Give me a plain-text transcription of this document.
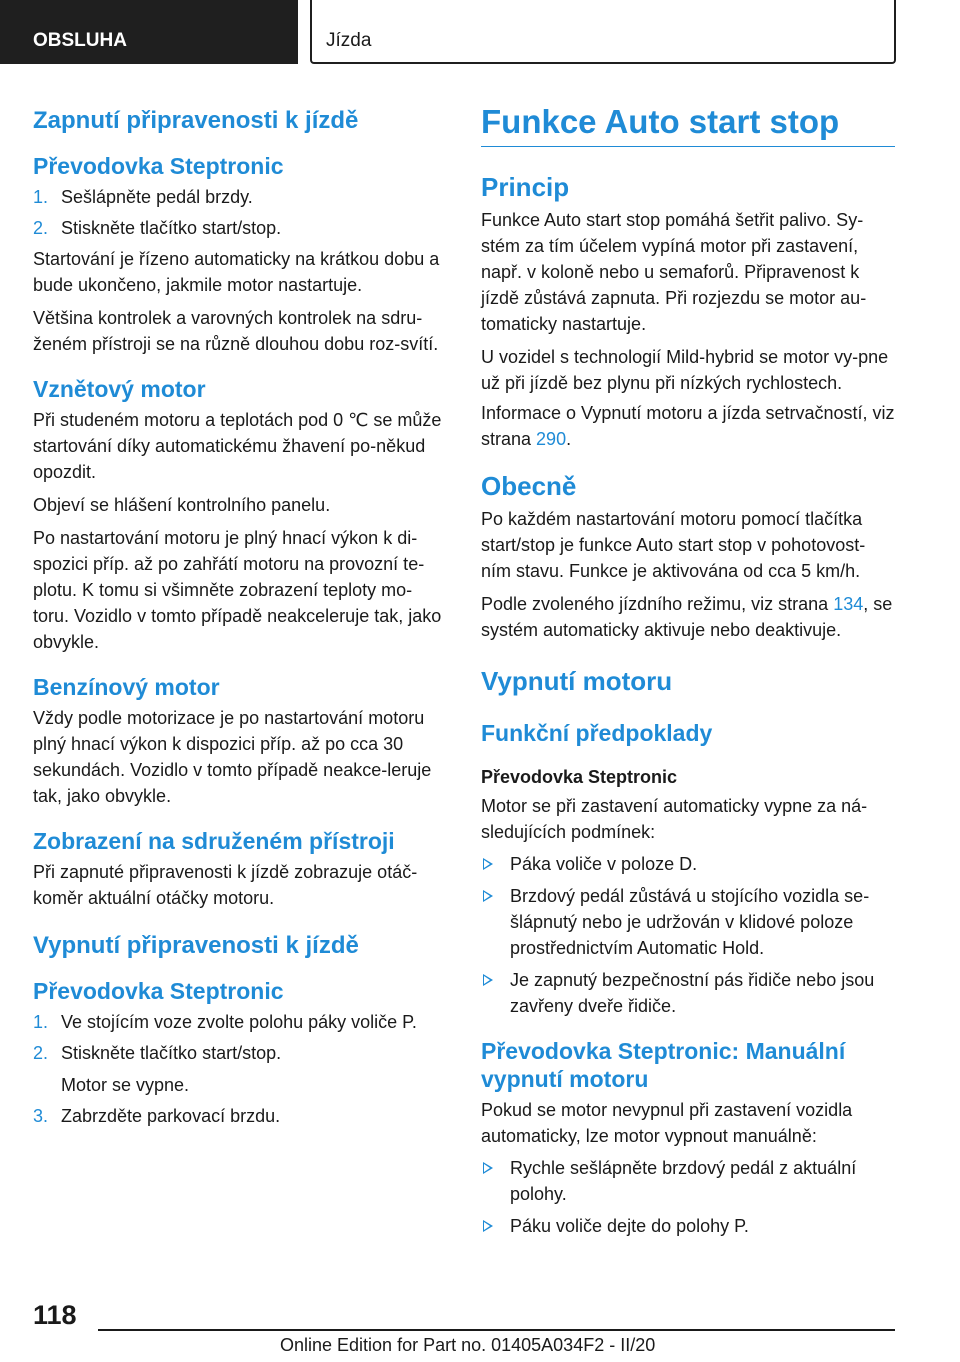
OBSLUHA	Jízda
Zapnutí připravenosti k jízdě
Převodovka Steptronic
1. Sešlápněte pedál brzdy.
2. Stiskněte tlačítko start/stop.

Startování je řízeno automaticky na krátkou dobu a bude ukončeno, jakmile motor nastartuje.

Většina kontrolek a varovných kontrolek na sdru-ženém přístroji se na různě dlouhou dobu roz-svítí.

Vznětový motor

Při studeném motoru a teplotách pod 0 ℃ se může startování díky automatickému žhavení po-někud opozdit.

Objeví se hlášení kontrolního panelu.

Po nastartování motoru je plný hnací výkon k di-spozici příp. až po zahřátí motoru na provozní te-plotu. K tomu si všimněte zobrazení teploty mo-toru. Vozidlo v tomto případě neakceleruje tak, jako obvykle.

Benzínový motor

Vždy podle motorizace je po nastartování motoru plný hnací výkon k dispozici příp. až po cca 30 sekundách. Vozidlo v tomto případě neakce-leruje tak, jako obvykle.

Zobrazení na sdruženém přístroji

Při zapnuté připravenosti k jízdě zobrazuje otáč-koměr aktuální otáčky motoru.

Vypnutí připravenosti k jízdě
Převodovka Steptronic
1. Ve stojícím voze zvolte polohu páky voliče P.
2. Stiskněte tlačítko start/stop.
Motor se vypne.
3. Zabrzděte parkovací brzdu.
Funkce Auto start stop
Princip

Funkce Auto start stop pomáhá šetřit palivo. Sy-stém za tím účelem vypíná motor při zastavení, např. v koloně nebo u semaforů. Připravenost k jízdě zůstává zapnuta. Při rozjezdu se motor au-tomaticky nastartuje.

U vozidel s technologií Mild-hybrid se motor vy-pne už při jízdě bez plynu při nízkých rychlostech.

Informace o Vypnutí motoru a jízda setrvačností, viz strana 290.

Obecně

Po každém nastartování motoru pomocí tlačítka start/stop je funkce Auto start stop v pohotovost-ním stavu. Funkce je aktivována od cca 5 km/h.

Podle zvoleného jízdního režimu, viz strana 134, se systém automaticky aktivuje nebo deaktivuje.

Vypnutí motoru
Funkční předpoklady
Převodovka Steptronic

Motor se při zastavení automaticky vypne za ná-sledujících podmínek:

Páka voliče v poloze D.
Brzdový pedál zůstává u stojícího vozidla se-šlápnutý nebo je udržován v klidové poloze prostřednictvím Automatic Hold.
Je zapnutý bezpečnostní pás řidiče nebo jsou zavřeny dveře řidiče.
Převodovka Steptronic: Manuální vypnutí motoru

Pokud se motor nevypnul při zastavení vozidla automaticky, lze motor vypnout manuálně:

Rychle sešlápněte brzdový pedál z aktuální polohy.
Páku voliče dejte do polohy P.
118
Online Edition for Part no. 01405A034F2 - II/20
